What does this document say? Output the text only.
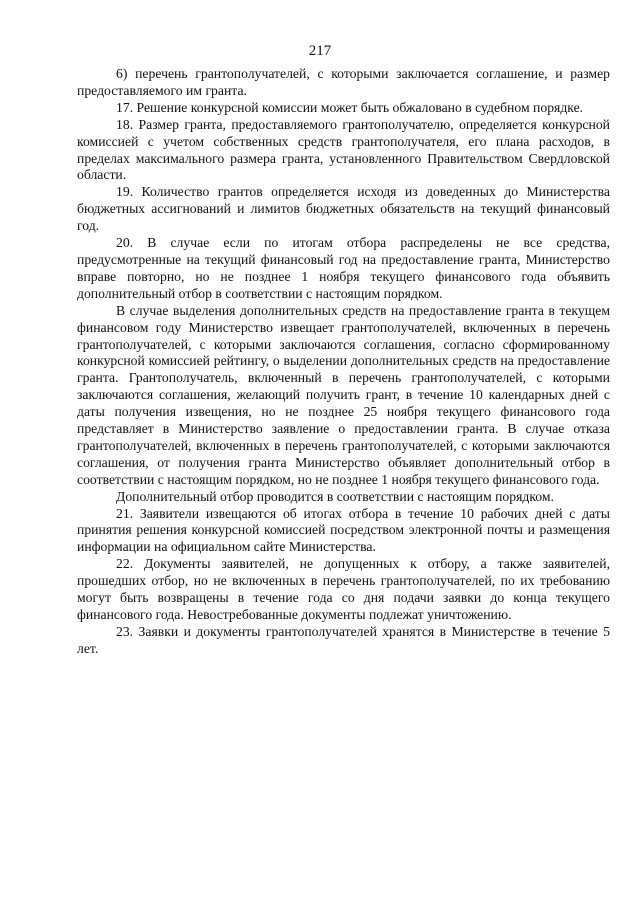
217

6) перечень грантополучателей, с которыми заключается соглашение, и размер предоставляемого им гранта.

17. Решение конкурсной комиссии может быть обжаловано в судебном порядке.

18. Размер гранта, предоставляемого грантополучателю, определяется конкурсной комиссией с учетом собственных средств грантополучателя, его плана расходов, в пределах максимального размера гранта, установленного Правительством Свердловской области.

19. Количество грантов определяется исходя из доведенных до Министерства бюджетных ассигнований и лимитов бюджетных обязательств на текущий финансовый год.

20. В случае если по итогам отбора распределены не все средства, предусмотренные на текущий финансовый год на предоставление гранта, Министерство вправе повторно, но не позднее 1 ноября текущего финансового года объявить дополнительный отбор в соответствии с настоящим порядком.

В случае выделения дополнительных средств на предоставление гранта в текущем финансовом году Министерство извещает грантополучателей, включенных в перечень грантополучателей, с которыми заключаются соглашения, согласно сформированному конкурсной комиссией рейтингу, о выделении дополнительных средств на предоставление гранта. Грантополучатель, включенный в перечень грантополучателей, с которыми заключаются соглашения, желающий получить грант, в течение 10 календарных дней с даты получения извещения, но не позднее 25 ноября текущего финансового года представляет в Министерство заявление о предоставлении гранта. В случае отказа грантополучателей, включенных в перечень грантополучателей, с которыми заключаются соглашения, от получения гранта Министерство объявляет дополнительный отбор в соответствии с настоящим порядком, но не позднее 1 ноября текущего финансового года.

Дополнительный отбор проводится в соответствии с настоящим порядком.

21. Заявители извещаются об итогах отбора в течение 10 рабочих дней с даты принятия решения конкурсной комиссией посредством электронной почты и размещения информации на официальном сайте Министерства.

22. Документы заявителей, не допущенных к отбору, а также заявителей, прошедших отбор, но не включенных в перечень грантополучателей, по их требованию могут быть возвращены в течение года со дня подачи заявки до конца текущего финансового года. Невостребованные документы подлежат уничтожению.

23. Заявки и документы грантополучателей хранятся в Министерстве в течение 5 лет.
